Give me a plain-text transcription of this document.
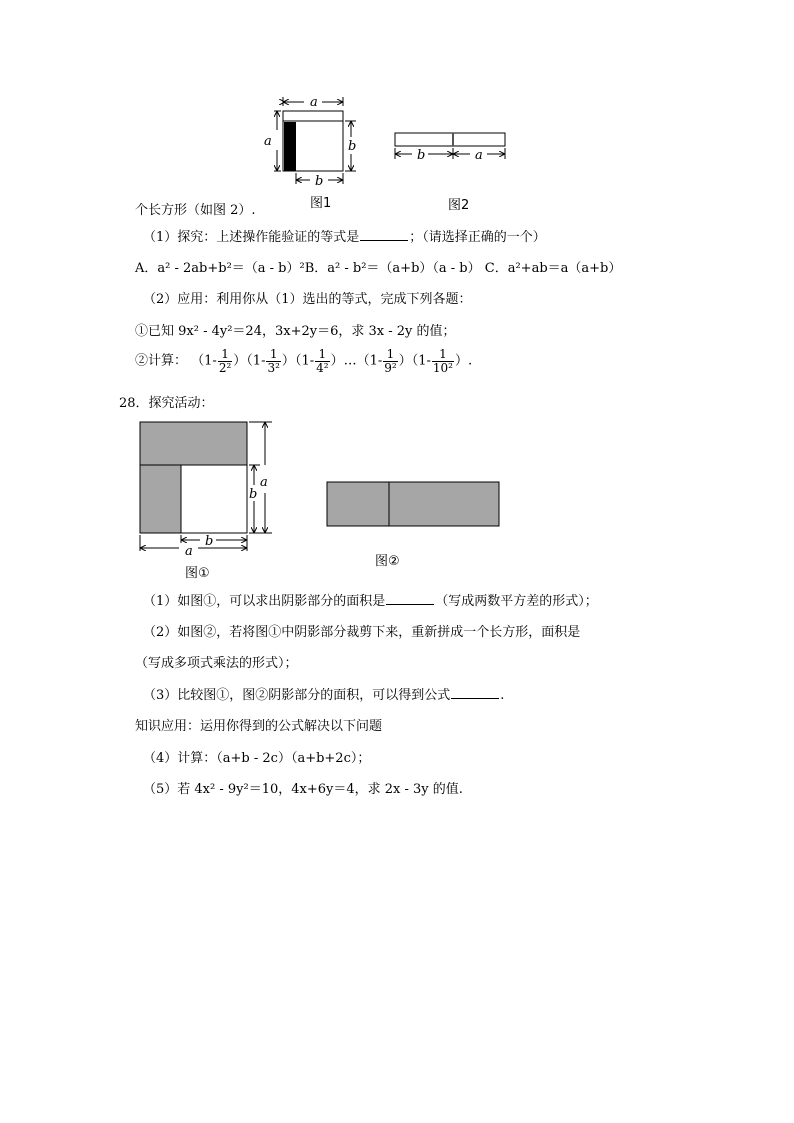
a
a	b
b
图1
b	a
图2
个长方形（如图 2）.
（1）探究：上述操作能验证的等式是	；（请选择正确的一个）
A．a² - 2ab+b²＝（a - b）²B．a² - b²＝（a+b）（a - b） C．a²+ab＝a（a+b）
（2）应用：利用你从（1）选出的等式，完成下列各题：
①已知 9x² - 4y²＝24，3x+2y＝6，求 3x - 2y 的值；
②计算： $(1- \frac{1}{\text{2²}} )(1- \frac{1}{\text{3²}} )(1- \frac{1}{\text{4²}}$ ）…（1- $\frac{1}{\text{9²}} )(1- \frac{1}{\text{10²}}$ ）.
28．探究活动：
a
b
b
a
图①
图②
（1）如图①，可以求出阴影部分的面积是	（写成两数平方差的形式）；
（2）如图②，若将图①中阴影部分裁剪下来，重新拼成一个长方形，面积是
（写成多项式乘法的形式）；
（3）比较图①，图②阴影部分的面积，可以得到公式	.
知识应用：运用你得到的公式解决以下问题
（4）计算：（a+b - 2c）（a+b+2c）；
（5）若 4x² - 9y²＝10，4x+6y＝4，求 2x - 3y 的值.
